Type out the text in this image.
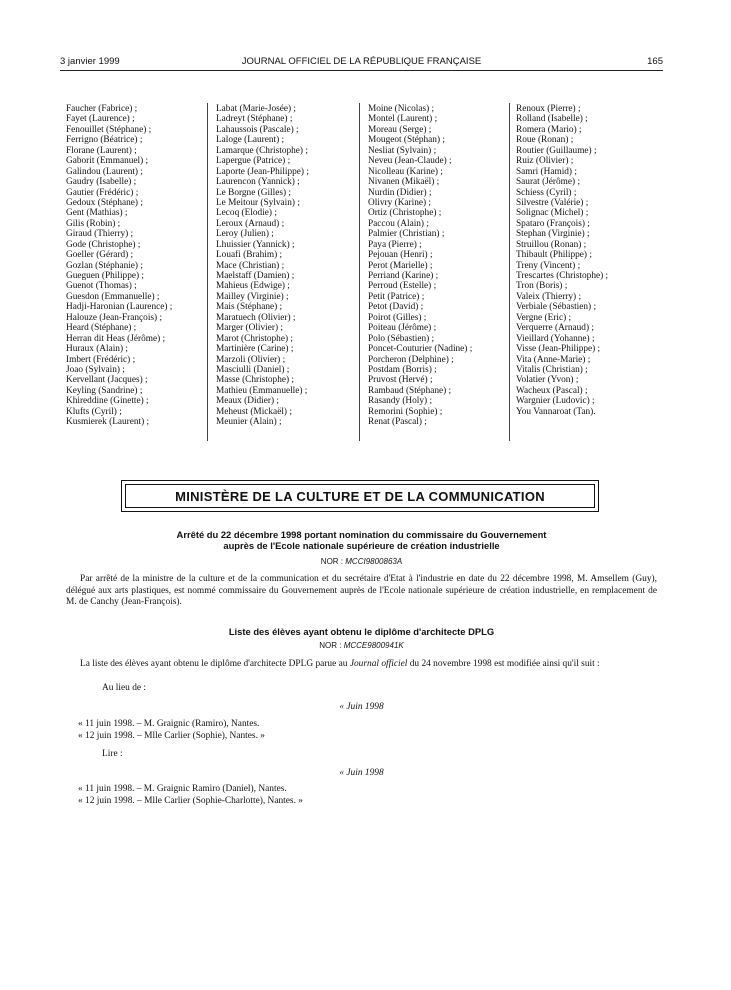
3 janvier 1999	JOURNAL OFFICIEL DE LA RÉPUBLIQUE FRANÇAISE	165
Faucher (Fabrice) ;
Fayet (Laurence) ;
Fenouillet (Stéphane) ;
Ferrigno (Béatrice) ;
Florane (Laurent) ;
Gaborit (Emmanuel) ;
Galindou (Laurent) ;
Gaudry (Isabelle) ;
Gautier (Frédéric) ;
Gedoux (Stéphane) ;
Gent (Mathias) ;
Gilis (Robin) ;
Giraud (Thierry) ;
Gode (Christophe) ;
Goeller (Gérard) ;
Gozlan (Stéphanie) ;
Gueguen (Philippe) ;
Guenot (Thomas) ;
Guesdon (Emmanuelle) ;
Hadji-Haronian (Laurence) ;
Halouze (Jean-François) ;
Heard (Stéphane) ;
Herran dit Heas (Jérôme) ;
Huraux (Alain) ;
Imbert (Frédéric) ;
Joao (Sylvain) ;
Kervellant (Jacques) ;
Keyling (Sandrine) ;
Khireddine (Ginette) ;
Klufts (Cyril) ;
Kusmierek (Laurent) ;
Labat (Marie-Josée) ;
Ladreyt (Stéphane) ;
Lahaussois (Pascale) ;
Laloge (Laurent) ;
Lamarque (Christophe) ;
Lapergue (Patrice) ;
Laporte (Jean-Philippe) ;
Laurencon (Yannick) ;
Le Borgne (Gilles) ;
Le Meitour (Sylvain) ;
Lecoq (Elodie) ;
Leroux (Arnaud) ;
Leroy (Julien) ;
Lhuissier (Yannick) ;
Louafi (Brahim) ;
Mace (Christian) ;
Maelstaff (Damien) ;
Mahieus (Edwige) ;
Mailley (Virginie) ;
Mais (Stéphane) ;
Maratuech (Olivier) ;
Marger (Olivier) ;
Marot (Christophe) ;
Martinière (Carine) ;
Marzoli (Olivier) ;
Masciulli (Daniel) ;
Masse (Christophe) ;
Mathieu (Emmanuelle) ;
Meaux (Didier) ;
Meheust (Mickaël) ;
Meunier (Alain) ;
Moine (Nicolas) ;
Montel (Laurent) ;
Moreau (Serge) ;
Mougeot (Stéphan) ;
Nesliat (Sylvain) ;
Neveu (Jean-Claude) ;
Nicolleau (Karine) ;
Nivanen (Mikaël) ;
Nurdin (Didier) ;
Olivry (Karine) ;
Ortiz (Christophe) ;
Paccou (Alain) ;
Palmier (Christian) ;
Paya (Pierre) ;
Pejouan (Henri) ;
Perot (Marielle) ;
Perriand (Karine) ;
Perroud (Estelle) ;
Petit (Patrice) ;
Petot (David) ;
Poirot (Gilles) ;
Poiteau (Jérôme) ;
Polo (Sébastien) ;
Poncet-Couturier (Nadine) ;
Porcheron (Delphine) ;
Postdam (Borris) ;
Pruvost (Hervé) ;
Rambaud (Stéphane) ;
Rasandy (Holy) ;
Remorini (Sophie) ;
Renat (Pascal) ;
Renoux (Pierre) ;
Rolland (Isabelle) ;
Romera (Mario) ;
Roue (Ronan) ;
Routier (Guillaume) ;
Ruiz (Olivier) ;
Samri (Hamid) ;
Saurat (Jérôme) ;
Schiess (Cyril) ;
Silvestre (Valérie) ;
Solignac (Michel) ;
Spataro (François) ;
Stephan (Virginie) ;
Struillou (Ronan) ;
Thibault (Philippe) ;
Treny (Vincent) ;
Trescartes (Christophe) ;
Tron (Boris) ;
Valeix (Thierry) ;
Verbiale (Sébastien) ;
Vergne (Eric) ;
Verquerre (Arnaud) ;
Vieillard (Yohanne) ;
Visse (Jean-Philippe) ;
Vita (Anne-Marie) ;
Vitalis (Christian) ;
Volatier (Yvon) ;
Wacheux (Pascal) ;
Wargnier (Ludovic) ;
You Vannaroat (Tan).
MINISTÈRE DE LA CULTURE ET DE LA COMMUNICATION
Arrêté du 22 décembre 1998 portant nomination du commissaire du Gouvernement
auprès de l'Ecole nationale supérieure de création industrielle
NOR : MCCI9800863A
Par arrêté de la ministre de la culture et de la communication et du secrétaire d'Etat à l'industrie en date du 22 décembre 1998, M. Amsellem (Guy), délégué aux arts plastiques, est nommé commissaire du Gouvernement auprès de l'Ecole nationale supérieure de création industrielle, en remplacement de M. de Canchy (Jean-François).
Liste des élèves ayant obtenu le diplôme d'architecte DPLG
NOR : MCCE9800941K
La liste des élèves ayant obtenu le diplôme d'architecte DPLG parue au Journal officiel du 24 novembre 1998 est modifiée ainsi qu'il suit :
Au lieu de :
« Juin 1998
« 11 juin 1998. – M. Graignic (Ramiro), Nantes.
« 12 juin 1998. – Mlle Carlier (Sophie), Nantes. »
Lire :
« Juin 1998
« 11 juin 1998. – M. Graignic Ramiro (Daniel), Nantes.
« 12 juin 1998. – Mlle Carlier (Sophie-Charlotte), Nantes. »
